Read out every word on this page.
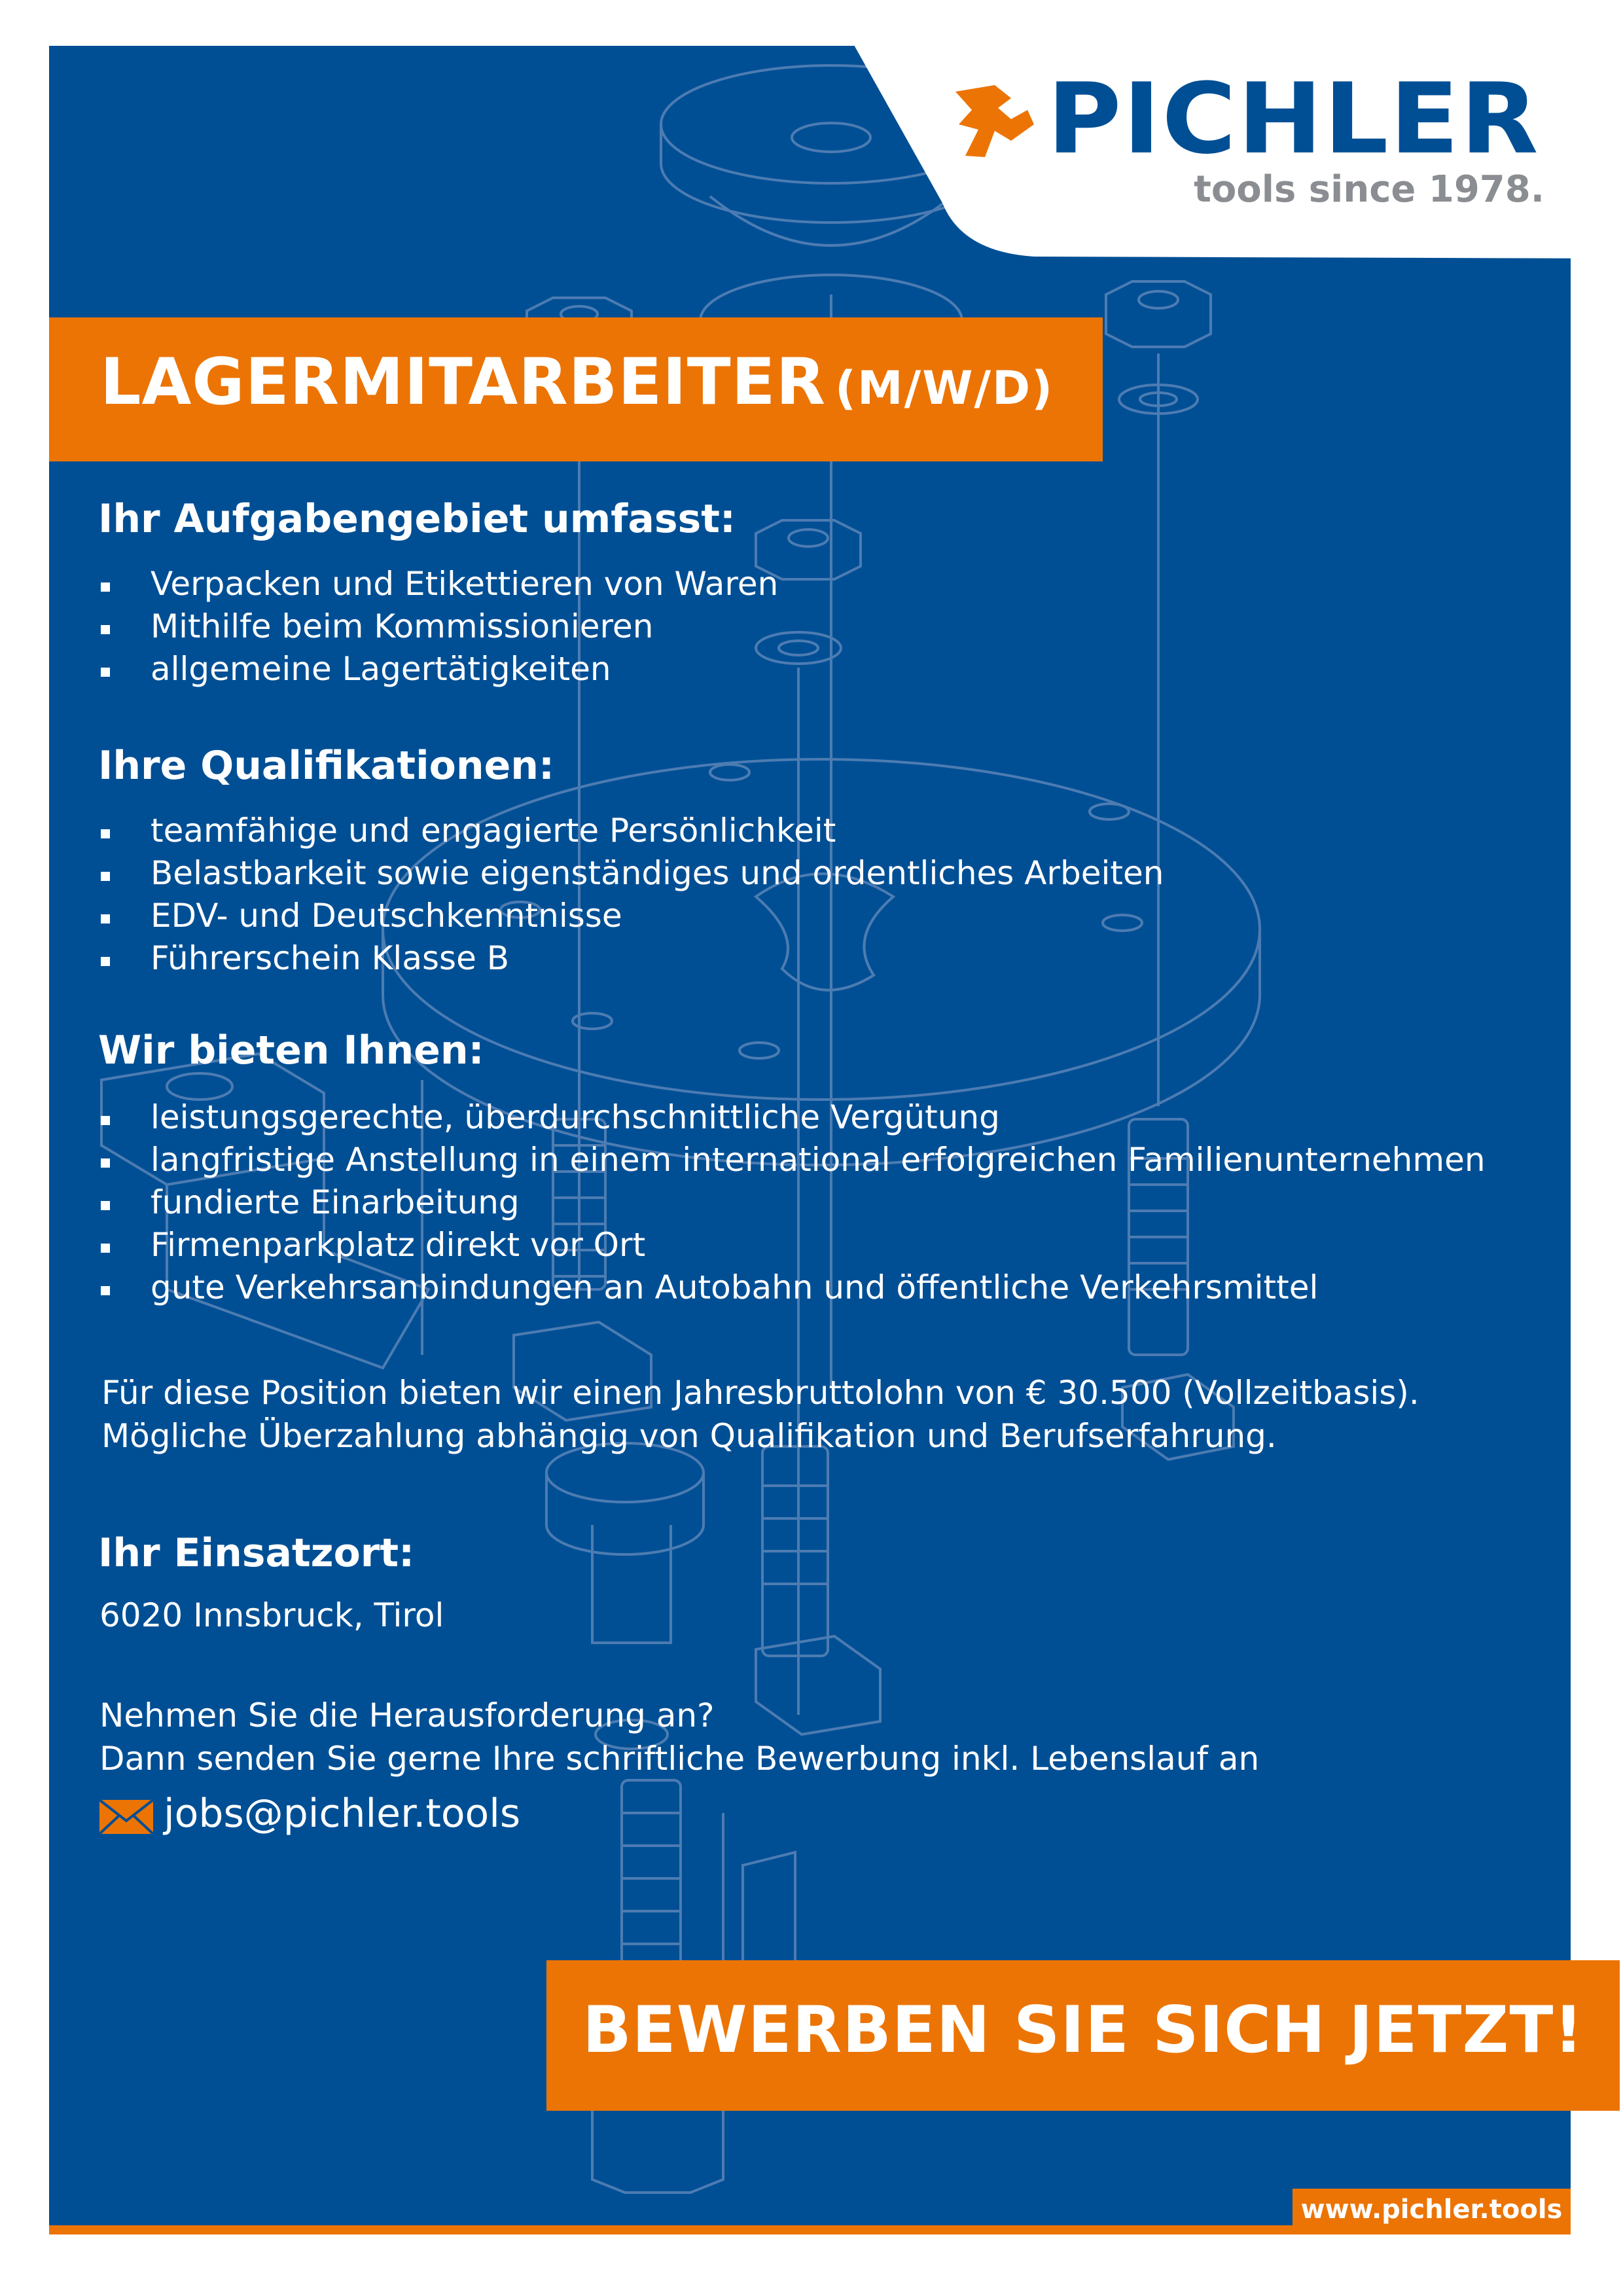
PICHLER
tools since 1978.
LAGERMITARBEITER (M/W/D)
Ihr Aufgabengebiet umfasst:
Verpacken und Etikettieren von Waren
Mithilfe beim Kommissionieren
allgemeine Lagertätigkeiten
Ihre Qualifikationen:
teamfähige und engagierte Persönlichkeit
Belastbarkeit sowie eigenständiges und ordentliches Arbeiten
EDV- und Deutschkenntnisse
Führerschein Klasse B
Wir bieten Ihnen:
leistungsgerechte, überdurchschnittliche Vergütung
langfristige Anstellung in einem international erfolgreichen Familienunternehmen
fundierte Einarbeitung
Firmenparkplatz direkt vor Ort
gute Verkehrsanbindungen an Autobahn und öffentliche Verkehrsmittel
Für diese Position bieten wir einen Jahresbruttolohn von € 30.500 (Vollzeitbasis).
Mögliche Überzahlung abhängig von Qualifikation und Berufserfahrung.
Ihr Einsatzort:
6020 Innsbruck, Tirol
Nehmen Sie die Herausforderung an?
Dann senden Sie gerne Ihre schriftliche Bewerbung inkl. Lebenslauf an
jobs@pichler.tools
BEWERBEN SIE SICH JETZT!
www.pichler.tools
